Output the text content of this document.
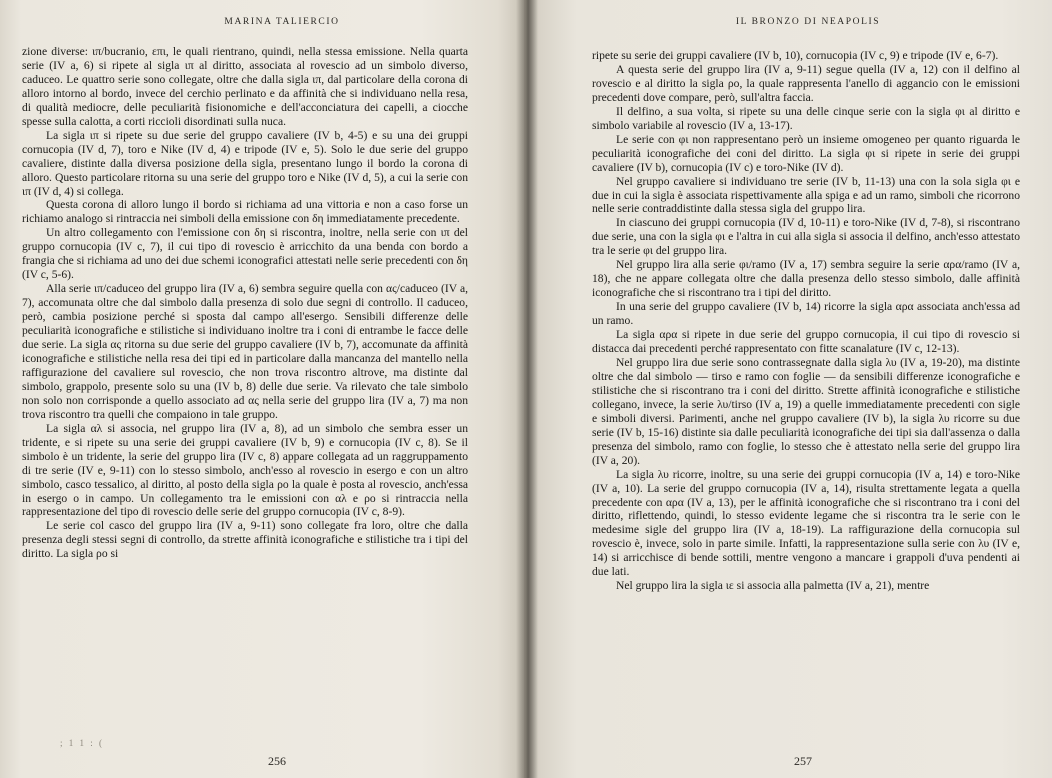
MARINA TALIERCIO

zione diverse: ιπ/bucranio, επι, le quali rientrano, quindi, nella stessa emissione. Nella quarta serie (IV a, 6) si ripete al sigla ιπ al diritto, associata al rovescio ad un simbolo diverso, caduceo. Le quattro serie sono collegate, oltre che dalla sigla ιπ, dal particolare della corona di alloro intorno al bordo, invece del cerchio perlinato e da affinità che si individuano nella resa, di qualità mediocre, delle peculiarità fisionomiche e dell'acconciatura dei capelli, a ciocche spesse sulla calotta, a corti riccioli disordinati sulla nuca.

La sigla ιπ si ripete su due serie del gruppo cavaliere (IV b, 4-5) e su una dei gruppi cornucopia (IV d, 7), toro e Nike (IV d, 4) e tripode (IV e, 5). Solo le due serie del gruppo cavaliere, distinte dalla diversa posizione della sigla, presentano lungo il bordo la corona di alloro. Questo particolare ritorna su una serie del gruppo toro e Nike (IV d, 5), a cui la serie con ιπ (IV d, 4) si collega.

Questa corona di alloro lungo il bordo si richiama ad una vittoria e non a caso forse un richiamo analogo si rintraccia nei simboli della emissione con δη immediatamente precedente.

Un altro collegamento con l'emissione con δη si riscontra, inoltre, nella serie con ιπ del gruppo cornucopia (IV c, 7), il cui tipo di rovescio è arricchito da una benda con bordo a frangia che si richiama ad uno dei due schemi iconografici attestati nelle serie precedenti con δη (IV c, 5-6).

Alla serie ιπ/caduceo del gruppo lira (IV a, 6) sembra seguire quella con ας/caduceo (IV a, 7), accomunata oltre che dal simbolo dalla presenza di solo due segni di controllo. Il caduceo, però, cambia posizione perché si sposta dal campo all'esergo. Sensibili differenze delle peculiarità iconografiche e stilistiche si individuano inoltre tra i coni di entrambe le facce delle due serie. La sigla ας ritorna su due serie del gruppo cavaliere (IV b, 7), accomunate da affinità iconografiche e stilistiche nella resa dei tipi ed in particolare dalla mancanza del mantello nella raffigurazione del cavaliere sul rovescio, che non trova riscontro altrove, ma distinte dal simbolo, grappolo, presente solo su una (IV b, 8) delle due serie. Va rilevato che tale simbolo non solo non corrisponde a quello associato ad ας nella serie del gruppo lira (IV a, 7) ma non trova riscontro tra quelli che compaiono in tale gruppo.

La sigla αλ si associa, nel gruppo lira (IV a, 8), ad un simbolo che sembra esser un tridente, e si ripete su una serie dei gruppi cavaliere (IV b, 9) e cornucopia (IV c, 8). Se il simbolo è un tridente, la serie del gruppo lira (IV c, 8) appare collegata ad un raggruppamento di tre serie (IV e, 9-11) con lo stesso simbolo, anch'esso al rovescio in esergo e con un altro simbolo, casco tessalico, al diritto, al posto della sigla ρο la quale è posta al rovescio, anch'essa in esergo o in campo. Un collegamento tra le emissioni con αλ e ρο si rintraccia nella rappresentazione del tipo di rovescio delle serie del gruppo cornucopia (IV c, 8-9).

Le serie col casco del gruppo lira (IV a, 9-11) sono collegate fra loro, oltre che dalla presenza degli stessi segni di controllo, da strette affinità iconografiche e stilistiche tra i tipi del diritto. La sigla ρο si

; 1 1 : (
256
IL BRONZO DI NEAPOLIS

ripete su serie dei gruppi cavaliere (IV b, 10), cornucopia (IV c, 9) e tripode (IV e, 6-7).

A questa serie del gruppo lira (IV a, 9-11) segue quella (IV a, 12) con il delfino al rovescio e al diritto la sigla ρο, la quale rappresenta l'anello di aggancio con le emissioni precedenti dove compare, però, sull'altra faccia.

Il delfino, a sua volta, si ripete su una delle cinque serie con la sigla φι al diritto e simbolo variabile al rovescio (IV a, 13-17).

Le serie con φι non rappresentano però un insieme omogeneo per quanto riguarda le peculiarità iconografiche dei coni del diritto. La sigla φι si ripete in serie dei gruppi cavaliere (IV b), cornucopia (IV c) e toro-Nike (IV d).

Nel gruppo cavaliere si individuano tre serie (IV b, 11-13) una con la sola sigla φι e due in cui la sigla è associata rispettivamente alla spiga e ad un ramo, simboli che ricorrono nelle serie contraddistinte dalla stessa sigla del gruppo lira.

In ciascuno dei gruppi cornucopia (IV d, 10-11) e toro-Nike (IV d, 7-8), si riscontrano due serie, una con la sigla φι e l'altra in cui alla sigla si associa il delfino, anch'esso attestato tra le serie φι del gruppo lira.

Nel gruppo lira alla serie φι/ramo (IV a, 17) sembra seguire la serie αρα/ramo (IV a, 18), che ne appare collegata oltre che dalla presenza dello stesso simbolo, dalle affinità iconografiche che si riscontrano tra i tipi del diritto.

In una serie del gruppo cavaliere (IV b, 14) ricorre la sigla αρα associata anch'essa ad un ramo.

La sigla αρα si ripete in due serie del gruppo cornucopia, il cui tipo di rovescio si distacca dai precedenti perché rappresentato con fitte scanalature (IV c, 12-13).

Nel gruppo lira due serie sono contrassegnate dalla sigla λυ (IV a, 19-20), ma distinte oltre che dal simbolo — tirso e ramo con foglie — da sensibili differenze iconografiche e stilistiche che si riscontrano tra i coni del diritto. Strette affinità iconografiche e stilistiche collegano, invece, la serie λυ/tirso (IV a, 19) a quelle immediatamente precedenti con sigle e simboli diversi. Parimenti, anche nel gruppo cavaliere (IV b), la sigla λυ ricorre su due serie (IV b, 15-16) distinte sia dalle peculiarità iconografiche dei tipi sia dall'assenza o dalla presenza del simbolo, ramo con foglie, lo stesso che è attestato nella serie del gruppo lira (IV a, 20).

La sigla λυ ricorre, inoltre, su una serie dei gruppi cornucopia (IV a, 14) e toro-Nike (IV a, 10). La serie del gruppo cornucopia (IV a, 14), risulta strettamente legata a quella precedente con αρα (IV a, 13), per le affinità iconografiche che si riscontrano tra i coni del diritto, riflettendo, quindi, lo stesso evidente legame che si riscontra tra le serie con le medesime sigle del gruppo lira (IV a, 18-19). La raffigurazione della cornucopia sul rovescio è, invece, solo in parte simile. Infatti, la rappresentazione sulla serie con λυ (IV e, 14) si arricchisce di bende sottili, mentre vengono a mancare i grappoli d'uva pendenti ai due lati.

Nel gruppo lira la sigla ιε si associa alla palmetta (IV a, 21), mentre

257
